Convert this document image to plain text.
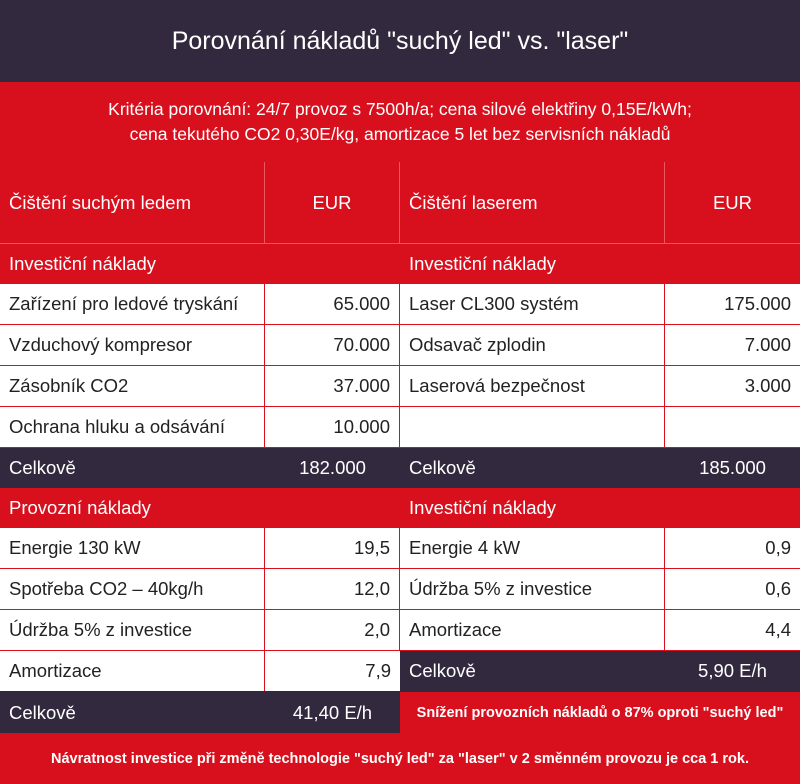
Porovnání nákladů "suchý led" vs. "laser"
Kritéria porovnání: 24/7 provoz s 7500h/a; cena silové elektřiny 0,15E/kWh;
cena tekutého CO2 0,30E/kg, amortizace 5 let bez servisních nákladů
Čištění suchým ledem	EUR	Čištění laserem	EUR
Investiční náklady	Investiční náklady
Zařízení pro ledové tryskání	65.000	Laser CL300 systém	175.000
Vzduchový kompresor	70.000	Odsavač zplodin	7.000
Zásobník CO2	37.000	Laserová bezpečnost	3.000
Ochrana hluku a odsávání	10.000
Celkově	182.000	Celkově	185.000
Provozní náklady	Investiční náklady
Energie 130 kW	19,5	Energie 4 kW	0,9
Spotřeba CO2 – 40kg/h	12,0	Údržba 5% z investice	0,6
Údržba 5% z investice	2,0	Amortizace	4,4
Amortizace	7,9 Celkově	5,90 E/h
Celkově	41,40 E/h	Snížení provozních nákladů o 87% oproti "suchý led"
Návratnost investice při změně technologie "suchý led" za "laser" v 2 směnném provozu je cca 1 rok.
